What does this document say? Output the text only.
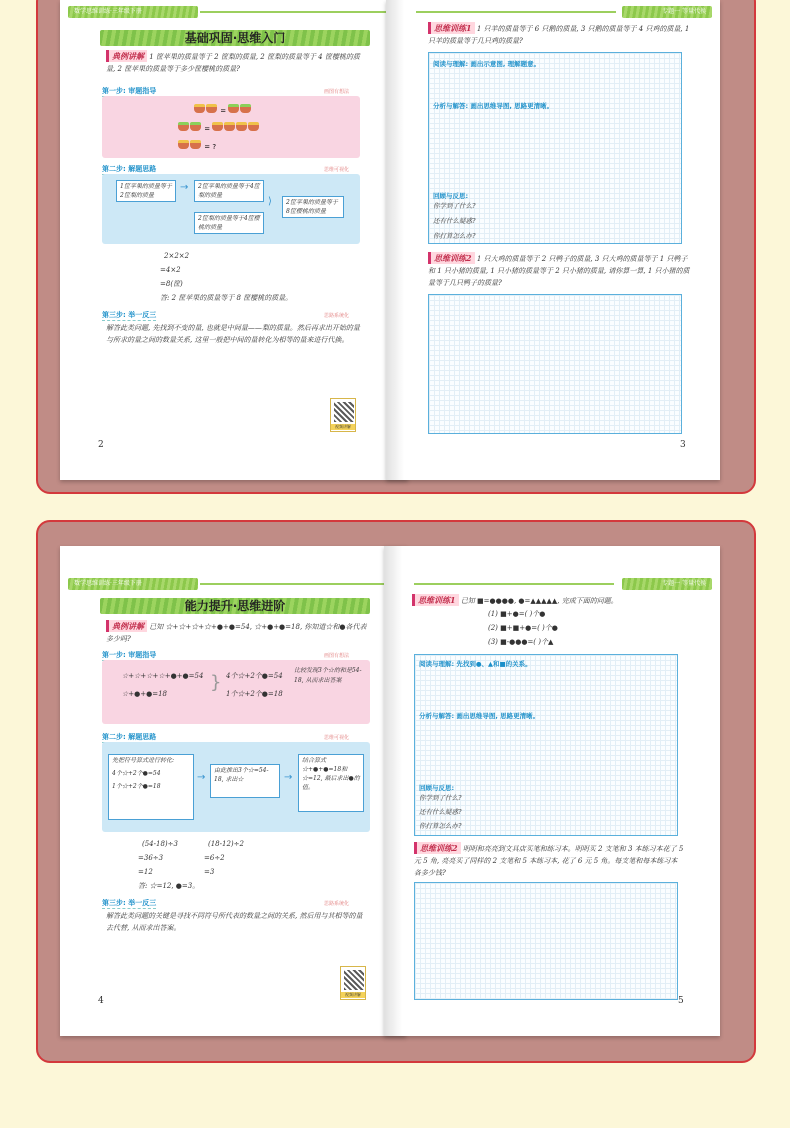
数学思维训练·三年级下册
基础巩固·思维入门
典例讲解 1 筐苹果的质量等于 2 筐梨的质量, 2 筐梨的质量等于 4 筐樱桃的质量, 2 筐苹果的质量等于多少筐樱桃的质量?
第一步: 审题指导	画图有想法
=
=
= ?
第二步: 解题思路	思维可视化
1筐苹果的质量等于2筐梨的质量
→	2筐苹果的质量等于4筐梨的质量
2筐梨的质量等于4筐樱桃的质量
⟩	2筐苹果的质量等于8筐樱桃的质量
2×2×2
=4×2
=8(筐)
答: 2 筐苹果的质量等于 8 筐樱桃的质量。
第三步: 举一反三	思路系统化
解答此类问题, 先找到不变的量, 也就是中间量——梨的质量。然后再求出开始的量与所求的量之间的数量关系, 这里一般把中间的量转化为相等的量来进行代换。
视频讲解
2
专题一 等量代换
思维训练1 1 只羊的质量等于 6 只鹅的质量, 3 只鹅的质量等于 4 只鸡的质量, 1 只羊的质量等于几只鸡的质量?
阅读与理解: 画出示意图, 理解题意。
分析与解答: 画出思维导图, 思路更清晰。
回顾与反思:
你学到了什么?
还有什么疑惑?
你打算怎么办?
思维训练2 1 只大鸡的质量等于 2 只鸭子的质量, 3 只大鸡的质量等于 1 只鸭子和 1 只小猪的质量, 1 只小猪的质量等于 2 只小猪的质量, 请你算一算, 1 只小猪的质量等于几只鸭子的质量?
3
数学思维训练·三年级下册
能力提升·思维进阶
典例讲解 已知 ☆+☆+☆+☆+●+●=54, ☆+●+●=18, 你知道☆和●各代表多少吗?
第一步: 审题指导	画图有想法
☆+☆+☆+☆+●+●=54
☆+●+●=18
} 4个☆+2个●=54
1个☆+2个●=18
比较发现3个☆的和是54-18, 从而求出答案
第二步: 解题思路	思维可视化
先把符号算式进行转化:
4个☆+2个●=54
1个☆+2个●=18
→
由此推出3个☆=54-18, 求出☆	→
结合算式☆+●+●=18和☆=12, 最后求出●的值。
(54-18)÷3
=36÷3
=12
(18-12)÷2
=6÷2
=3
答: ☆=12, ●=3。
第三步: 举一反三	思路系统化
解答此类问题的关键是寻找不同符号所代表的数量之间的关系, 然后用与其相等的量去代替, 从而求出答案。
视频讲解
4
专题一 等量代换
思维训练1 已知 ■=●●●●, ●=▲▲▲▲▲, 完成下面的问题。
(1) ■+●=( )个●
(2) ■+■+●=( )个●
(3) ■-●●●=( )个▲
阅读与理解: 先找到●、▲和■的关系。
分析与解答: 画出思维导图, 思路更清晰。
回顾与反思:
你学到了什么?
还有什么疑惑?
你打算怎么办?
思维训练2 明明和亮亮到文具店买笔和练习本。明明买 2 支笔和 3 本练习本花了 5 元 5 角, 亮亮买了同样的 2 支笔和 5 本练习本, 花了 6 元 5 角。每支笔和每本练习本各多少钱?
5
